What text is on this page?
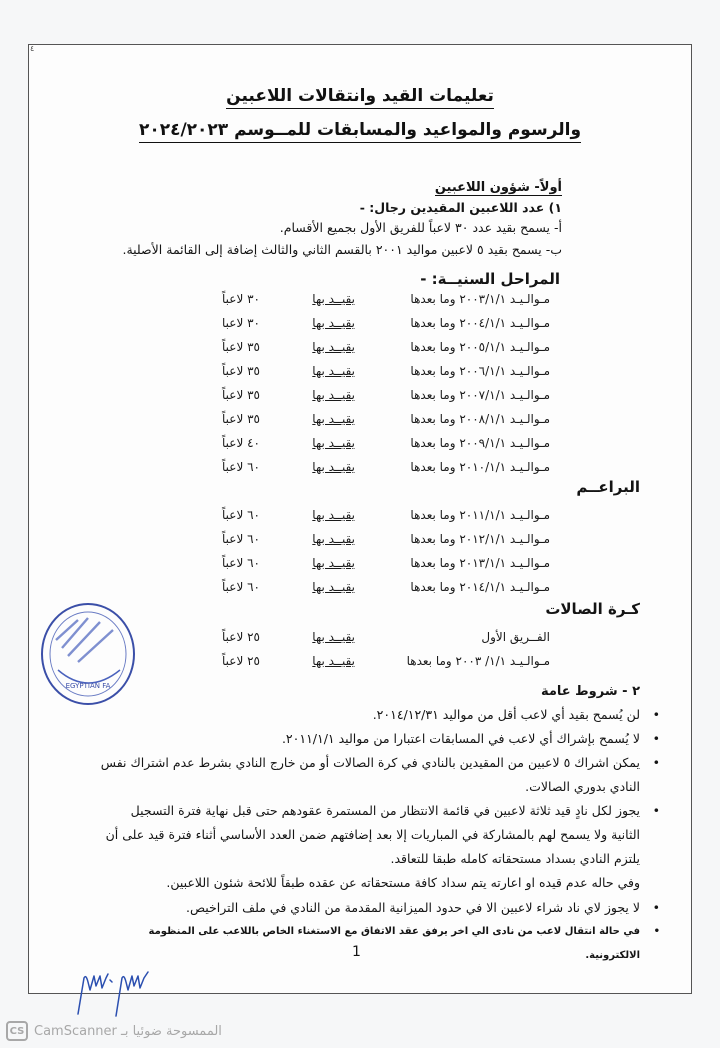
٤
تعليمات القيد وانتقالات اللاعبين
والرسوم والمواعيد والمسابقات للمــوسم ٢٠٢٤/٢٠٢٣
أولاً- شؤون اللاعبين
١) عدد اللاعبين المقيدين رجال: -
أ- يسمح بقيد عدد ٣٠ لاعباً للفريق الأول بجميع الأقسام.
ب- يسمح بقيد ٥ لاعبين مواليد ٢٠٠١ بالقسم الثاني والثالث إضافة إلى القائمة الأصلية.
المراحل السنيــة: -
مـوالـيـد ٢٠٠٣/١/١ وما بعدها
يقيــد بها
٣٠ لاعباً
مـوالـيـد ٢٠٠٤/١/١ وما بعدها
يقيــد بها
٣٠ لاعبا
مـوالـيـد ٢٠٠٥/١/١ وما بعدها
يقيــد بها
٣٥ لاعباً
مـوالـيـد ٢٠٠٦/١/١ وما بعدها
يقيــد بها
٣٥ لاعباً
مـوالـيـد ٢٠٠٧/١/١ وما بعدها
يقيــد بها
٣٥ لاعباً
مـوالـيـد ٢٠٠٨/١/١ وما بعدها
يقيــد بها
٣٥ لاعباً
مـوالـيـد ٢٠٠٩/١/١ وما بعدها
يقيــد بها
٤٠ لاعباً
مـوالـيـد ٢٠١٠/١/١ وما بعدها
يقيــد بها
٦٠ لاعباً
البراعــم
مـوالـيـد ٢٠١١/١/١ وما بعدها
يقيــد بها
٦٠ لاعباً
مـوالـيـد ٢٠١٢/١/١ وما بعدها
يقيــد بها
٦٠ لاعباً
مـوالـيـد ٢٠١٣/١/١ وما بعدها
يقيــد بها
٦٠ لاعباً
مـوالـيـد ٢٠١٤/١/١ وما بعدها
يقيــد بها
٦٠ لاعباً
كـرة الصالات
الفــريق الأول
يقيــد بها
٢٥ لاعباً
مـوالـيـد ١/١/ ٢٠٠٣ وما بعدها
يقيــد بها
٢٥ لاعباً
٢ - شروط عامة
•
لن يُسمح بقيد أي لاعب أقل من مواليد ٢٠١٤/١٢/٣١.
•
لا يُسمح بإشراك أي لاعب في المسابقات اعتبارا من مواليد ٢٠١١/١/١.
•
يمكن اشراك ٥ لاعبين من المقيدين بالنادي في كرة الصالات أو من خارج النادي بشرط عدم اشتراك نفس النادي بدوري الصالات.
•
يجوز لكل نادٍ قيد ثلاثة لاعبين في قائمة الانتظار من المستمرة عقودهم حتى قبل نهاية فترة التسجيل الثانية ولا يسمح لهم بالمشاركة في المباريات إلا بعد إضافتهم ضمن العدد الأساسي أثناء فترة قيد على أن يلتزم النادي بسداد مستحقاته كامله طبقا للتعاقد.
وفي حاله عدم قيده او اعارته يتم سداد كافة مستحقاته عن عقده طبقاً للائحة شئون اللاعبين.
•
لا يجوز لاي ناد شراء لاعبين الا في حدود الميزانية المقدمة من النادي في ملف التراخيص.
•
في حالة انتقال لاعب من نادى الي اخر يرفق عقد الاتفاق مع الاستغناء الخاص باللاعب على المنظومة الالكترونية.
1
EGYPTIAN FA
CS الممسوحة ضوئيا بـ CamScanner
